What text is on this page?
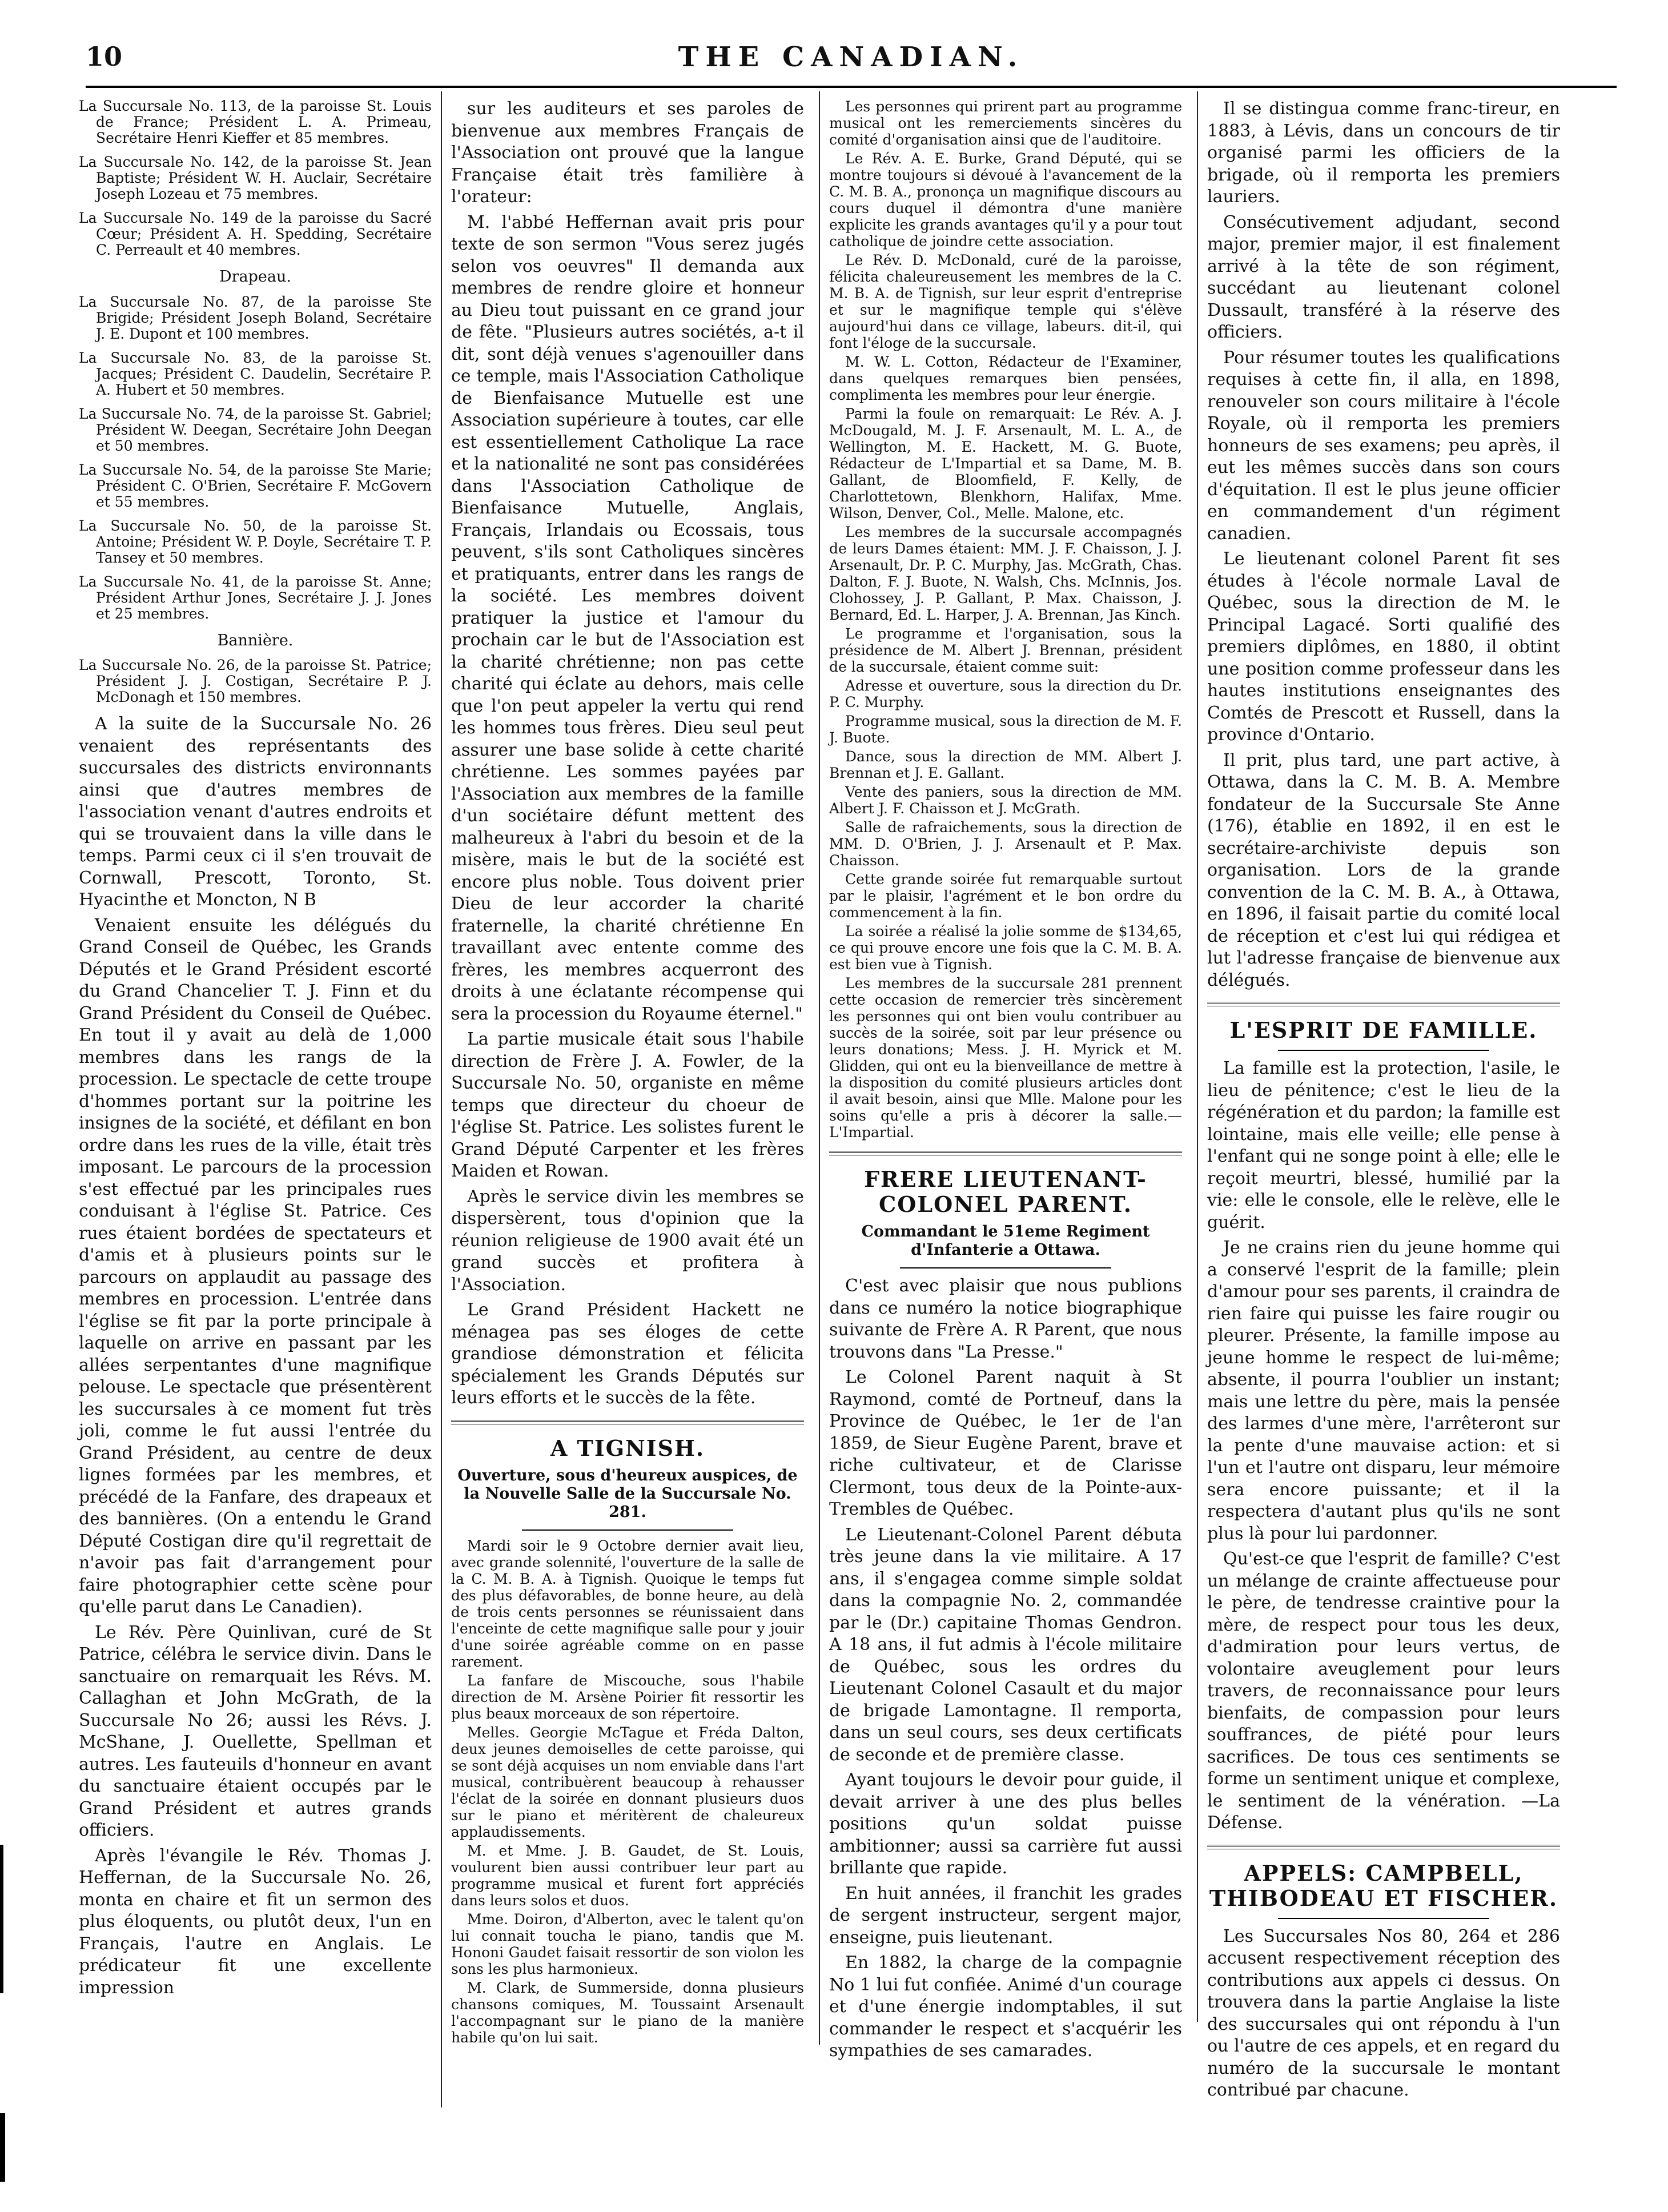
10	THE CANADIAN.

La Succursale No. 113, de la paroisse St. Louis de France; Président L. A. Primeau, Secrétaire Henri Kieffer et 85 membres.

La Succursale No. 142, de la paroisse St. Jean Baptiste; Président W. H. Auclair, Secrétaire Joseph Lozeau et 75 membres.

La Succursale No. 149 de la paroisse du Sacré Cœur; Président A. H. Spedding, Secrétaire C. Perreault et 40 membres.

Drapeau.

La Succursale No. 87, de la paroisse Ste Brigide; Président Joseph Boland, Secrétaire J. E. Dupont et 100 membres.

La Succursale No. 83, de la paroisse St. Jacques; Président C. Daudelin, Secrétaire P. A. Hubert et 50 membres.

La Succursale No. 74, de la paroisse St. Gabriel; Président W. Deegan, Secrétaire John Deegan et 50 membres.

La Succursale No. 54, de la paroisse Ste Marie; Président C. O'Brien, Secrétaire F. McGovern et 55 membres.

La Succursale No. 50, de la paroisse St. Antoine; Président W. P. Doyle, Secrétaire T. P. Tansey et 50 membres.

La Succursale No. 41, de la paroisse St. Anne; Président Arthur Jones, Secrétaire J. J. Jones et 25 membres.

Bannière.

La Succursale No. 26, de la paroisse St. Patrice; Président J. J. Costigan, Secrétaire P. J. McDonagh et 150 membres.

A la suite de la Succursale No. 26 venaient des représentants des succursales des districts environnants ainsi que d'autres membres de l'association venant d'autres endroits et qui se trouvaient dans la ville dans le temps. Parmi ceux ci il s'en trouvait de Cornwall, Prescott, Toronto, St. Hyacinthe et Moncton, N B

Venaient ensuite les délégués du Grand Conseil de Québec, les Grands Députés et le Grand Président escorté du Grand Chancelier T. J. Finn et du Grand Président du Conseil de Québec. En tout il y avait au delà de 1,000 membres dans les rangs de la procession. Le spectacle de cette troupe d'hommes portant sur la poitrine les insignes de la société, et défilant en bon ordre dans les rues de la ville, était très imposant. Le parcours de la procession s'est effectué par les principales rues conduisant à l'église St. Patrice. Ces rues étaient bordées de spectateurs et d'amis et à plusieurs points sur le parcours on applaudit au passage des membres en procession. L'entrée dans l'église se fit par la porte principale à laquelle on arrive en passant par les allées serpentantes d'une magnifique pelouse. Le spectacle que présentèrent les succursales à ce moment fut très joli, comme le fut aussi l'entrée du Grand Président, au centre de deux lignes formées par les membres, et précédé de la Fanfare, des drapeaux et des bannières. (On a entendu le Grand Député Costigan dire qu'il regrettait de n'avoir pas fait d'arrangement pour faire photographier cette scène pour qu'elle parut dans Le Canadien).

Le Rév. Père Quinlivan, curé de St Patrice, célébra le service divin. Dans le sanctuaire on remarquait les Révs. M. Callaghan et John McGrath, de la Succursale No 26; aussi les Révs. J. McShane, J. Ouellette, Spellman et autres. Les fauteuils d'honneur en avant du sanctuaire étaient occupés par le Grand Président et autres grands officiers.

Après l'évangile le Rév. Thomas J. Heffernan, de la Succursale No. 26, monta en chaire et fit un sermon des plus éloquents, ou plutôt deux, l'un en Français, l'autre en Anglais. Le prédicateur fit une excellente impression

sur les auditeurs et ses paroles de bienvenue aux membres Français de l'Association ont prouvé que la langue Française était très familière à l'orateur:

M. l'abbé Heffernan avait pris pour texte de son sermon "Vous serez jugés selon vos oeuvres" Il demanda aux membres de rendre gloire et honneur au Dieu tout puissant en ce grand jour de fête. "Plusieurs autres sociétés, a-t il dit, sont déjà venues s'agenouiller dans ce temple, mais l'Association Catholique de Bienfaisance Mutuelle est une Association supérieure à toutes, car elle est essentiellement Catholique La race et la nationalité ne sont pas considérées dans l'Association Catholique de Bienfaisance Mutuelle, Anglais, Français, Irlandais ou Ecossais, tous peuvent, s'ils sont Catholiques sincères et pratiquants, entrer dans les rangs de la société. Les membres doivent pratiquer la justice et l'amour du prochain car le but de l'Association est la charité chrétienne; non pas cette charité qui éclate au dehors, mais celle que l'on peut appeler la vertu qui rend les hommes tous frères. Dieu seul peut assurer une base solide à cette charité chrétienne. Les sommes payées par l'Association aux membres de la famille d'un sociétaire défunt mettent des malheureux à l'abri du besoin et de la misère, mais le but de la société est encore plus noble. Tous doivent prier Dieu de leur accorder la charité fraternelle, la charité chrétienne En travaillant avec entente comme des frères, les membres acquerront des droits à une éclatante récompense qui sera la procession du Royaume éternel."

La partie musicale était sous l'habile direction de Frère J. A. Fowler, de la Succursale No. 50, organiste en même temps que directeur du choeur de l'église St. Patrice. Les solistes furent le Grand Député Carpenter et les frères Maiden et Rowan.

Après le service divin les membres se dispersèrent, tous d'opinion que la réunion religieuse de 1900 avait été un grand succès et profitera à l'Association.

Le Grand Président Hackett ne ménagea pas ses éloges de cette grandiose démonstration et félicita spécialement les Grands Députés sur leurs efforts et le succès de la fête.

A TIGNISH.

Ouverture, sous d'heureux auspices, de la Nouvelle Salle de la Succursale No. 281.

Mardi soir le 9 Octobre dernier avait lieu, avec grande solennité, l'ouverture de la salle de la C. M. B. A. à Tignish. Quoique le temps fut des plus défavorables, de bonne heure, au delà de trois cents personnes se réunissaient dans l'enceinte de cette magnifique salle pour y jouir d'une soirée agréable comme on en passe rarement.

La fanfare de Miscouche, sous l'habile direction de M. Arsène Poirier fit ressortir les plus beaux morceaux de son répertoire.

Melles. Georgie McTague et Fréda Dalton, deux jeunes demoiselles de cette paroisse, qui se sont déjà acquises un nom enviable dans l'art musical, contribuèrent beaucoup à rehausser l'éclat de la soirée en donnant plusieurs duos sur le piano et méritèrent de chaleureux applaudissements.

M. et Mme. J. B. Gaudet, de St. Louis, voulurent bien aussi contribuer leur part au programme musical et furent fort appréciés dans leurs solos et duos.

Mme. Doiron, d'Alberton, avec le talent qu'on lui connait toucha le piano, tandis que M. Hononi Gaudet faisait ressortir de son violon les sons les plus harmonieux.

M. Clark, de Summerside, donna plusieurs chansons comiques, M. Toussaint Arsenault l'accompagnant sur le piano de la manière habile qu'on lui sait.

Les personnes qui prirent part au programme musical ont les remerciements sincères du comité d'organisation ainsi que de l'auditoire.

Le Rév. A. E. Burke, Grand Député, qui se montre toujours si dévoué à l'avancement de la C. M. B. A., prononça un magnifique discours au cours duquel il démontra d'une manière explicite les grands avantages qu'il y a pour tout catholique de joindre cette association.

Le Rév. D. McDonald, curé de la paroisse, félicita chaleureusement les membres de la C. M. B. A. de Tignish, sur leur esprit d'entreprise et sur le magnifique temple qui s'élève aujourd'hui dans ce village, labeurs. dit-il, qui font l'éloge de la succursale.

M. W. L. Cotton, Rédacteur de l'Examiner, dans quelques remarques bien pensées, complimenta les membres pour leur énergie.

Parmi la foule on remarquait: Le Rév. A. J. McDougald, M. J. F. Arsenault, M. L. A., de Wellington, M. E. Hackett, M. G. Buote, Rédacteur de L'Impartial et sa Dame, M. B. Gallant, de Bloomfield, F. Kelly, de Charlottetown, Blenkhorn, Halifax, Mme. Wilson, Denver, Col., Melle. Malone, etc.

Les membres de la succursale accompagnés de leurs Dames étaient: MM. J. F. Chaisson, J. J. Arsenault, Dr. P. C. Murphy, Jas. McGrath, Chas. Dalton, F. J. Buote, N. Walsh, Chs. McInnis, Jos. Clohossey, J. P. Gallant, P. Max. Chaisson, J. Bernard, Ed. L. Harper, J. A. Brennan, Jas Kinch.

Le programme et l'organisation, sous la présidence de M. Albert J. Brennan, président de la succursale, étaient comme suit:

Adresse et ouverture, sous la direction du Dr. P. C. Murphy.

Programme musical, sous la direction de M. F. J. Buote.

Dance, sous la direction de MM. Albert J. Brennan et J. E. Gallant.

Vente des paniers, sous la direction de MM. Albert J. F. Chaisson et J. McGrath.

Salle de rafraichements, sous la direction de MM. D. O'Brien, J. J. Arsenault et P. Max. Chaisson.

Cette grande soirée fut remarquable surtout par le plaisir, l'agrément et le bon ordre du commencement à la fin.

La soirée a réalisé la jolie somme de $134,65, ce qui prouve encore une fois que la C. M. B. A. est bien vue à Tignish.

Les membres de la succursale 281 prennent cette occasion de remercier très sincèrement les personnes qui ont bien voulu contribuer au succès de la soirée, soit par leur présence ou leurs donations; Mess. J. H. Myrick et M. Glidden, qui ont eu la bienveillance de mettre à la disposition du comité plusieurs articles dont il avait besoin, ainsi que Mlle. Malone pour les soins qu'elle a pris à décorer la salle.—L'Impartial.

FRERE LIEUTENANT-COLONEL PARENT.

Commandant le 51eme Regiment d'Infanterie a Ottawa.

C'est avec plaisir que nous publions dans ce numéro la notice biographique suivante de Frère A. R Parent, que nous trouvons dans "La Presse."

Le Colonel Parent naquit à St Raymond, comté de Portneuf, dans la Province de Québec, le 1er de l'an 1859, de Sieur Eugène Parent, brave et riche cultivateur, et de Clarisse Clermont, tous deux de la Pointe-aux-Trembles de Québec.

Le Lieutenant-Colonel Parent débuta très jeune dans la vie militaire. A 17 ans, il s'engagea comme simple soldat dans la compagnie No. 2, commandée par le (Dr.) capitaine Thomas Gendron. A 18 ans, il fut admis à l'école militaire de Québec, sous les ordres du Lieutenant Colonel Casault et du major de brigade Lamontagne. Il remporta, dans un seul cours, ses deux certificats de seconde et de première classe.

Ayant toujours le devoir pour guide, il devait arriver à une des plus belles positions qu'un soldat puisse ambitionner; aussi sa carrière fut aussi brillante que rapide.

En huit années, il franchit les grades de sergent instructeur, sergent major, enseigne, puis lieutenant.

En 1882, la charge de la compagnie No 1 lui fut confiée. Animé d'un courage et d'une énergie indomptables, il sut commander le respect et s'acquérir les sympathies de ses camarades.

Il se distingua comme franc-tireur, en 1883, à Lévis, dans un concours de tir organisé parmi les officiers de la brigade, où il remporta les premiers lauriers.

Consécutivement adjudant, second major, premier major, il est finalement arrivé à la tête de son régiment, succédant au lieutenant colonel Dussault, transféré à la réserve des officiers.

Pour résumer toutes les qualifications requises à cette fin, il alla, en 1898, renouveler son cours militaire à l'école Royale, où il remporta les premiers honneurs de ses examens; peu après, il eut les mêmes succès dans son cours d'équitation. Il est le plus jeune officier en commandement d'un régiment canadien.

Le lieutenant colonel Parent fit ses études à l'école normale Laval de Québec, sous la direction de M. le Principal Lagacé. Sorti qualifié des premiers diplômes, en 1880, il obtint une position comme professeur dans les hautes institutions enseignantes des Comtés de Prescott et Russell, dans la province d'Ontario.

Il prit, plus tard, une part active, à Ottawa, dans la C. M. B. A. Membre fondateur de la Succursale Ste Anne (176), établie en 1892, il en est le secrétaire-archiviste depuis son organisation. Lors de la grande convention de la C. M. B. A., à Ottawa, en 1896, il faisait partie du comité local de réception et c'est lui qui rédigea et lut l'adresse française de bienvenue aux délégués.

L'ESPRIT DE FAMILLE.

La famille est la protection, l'asile, le lieu de pénitence; c'est le lieu de la régénération et du pardon; la famille est lointaine, mais elle veille; elle pense à l'enfant qui ne songe point à elle; elle le reçoit meurtri, blessé, humilié par la vie: elle le console, elle le relève, elle le guérit.

Je ne crains rien du jeune homme qui a conservé l'esprit de la famille; plein d'amour pour ses parents, il craindra de rien faire qui puisse les faire rougir ou pleurer. Présente, la famille impose au jeune homme le respect de lui-même; absente, il pourra l'oublier un instant; mais une lettre du père, mais la pensée des larmes d'une mère, l'arrêteront sur la pente d'une mauvaise action: et si l'un et l'autre ont disparu, leur mémoire sera encore puissante; et il la respectera d'autant plus qu'ils ne sont plus là pour lui pardonner.

Qu'est-ce que l'esprit de famille? C'est un mélange de crainte affectueuse pour le père, de tendresse craintive pour la mère, de respect pour tous les deux, d'admiration pour leurs vertus, de volontaire aveuglement pour leurs travers, de reconnaissance pour leurs bienfaits, de compassion pour leurs souffrances, de piété pour leurs sacrifices. De tous ces sentiments se forme un sentiment unique et complexe, le sentiment de la vénération. —La Défense.

APPELS: CAMPBELL, THIBODEAU ET FISCHER.

Les Succursales Nos 80, 264 et 286 accusent respectivement réception des contributions aux appels ci dessus. On trouvera dans la partie Anglaise la liste des succursales qui ont répondu à l'un ou l'autre de ces appels, et en regard du numéro de la succursale le montant contribué par chacune.
